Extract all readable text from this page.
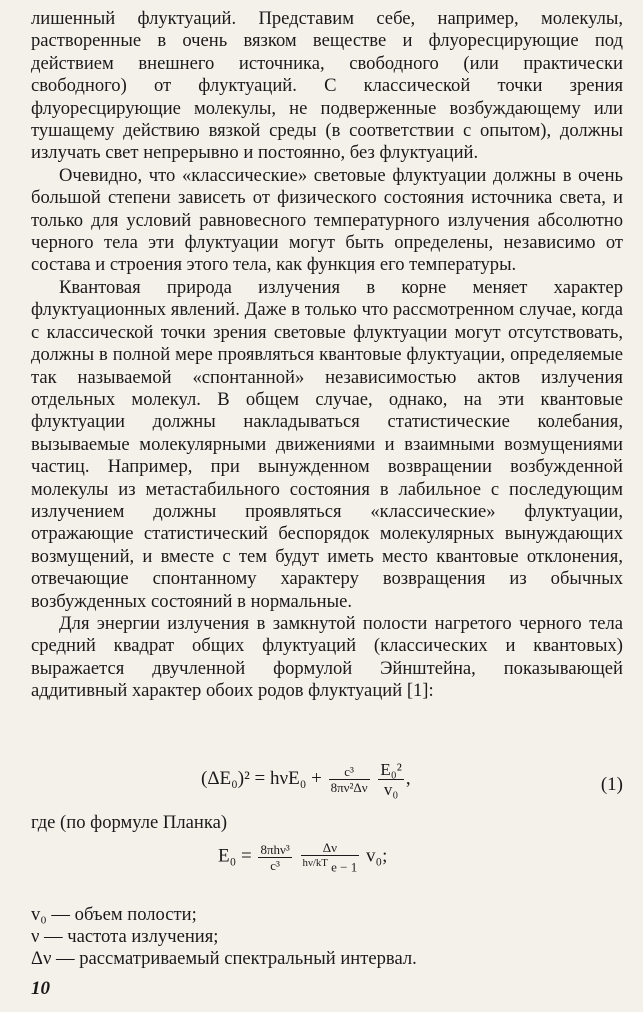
лишенный флуктуаций. Представим себе, например, молекулы, растворенные в очень вязком веществе и флуоресцирующие под действием внешнего источника, свободного (или практически свободного) от флуктуаций. С классической точки зрения флуоресцирующие молекулы, не подверженные возбуждающему или тушащему действию вязкой среды (в соответствии с опытом), должны излучать свет непрерывно и постоянно, без флуктуаций.

Очевидно, что «классические» световые флуктуации должны в очень большой степени зависеть от физического состояния источника света, и только для условий равновесного температурного излучения абсолютно черного тела эти флуктуации могут быть определены, независимо от состава и строения этого тела, как функция его температуры.

Квантовая природа излучения в корне меняет характер флуктуационных явлений. Даже в только что рассмотренном случае, когда с классической точки зрения световые флуктуации могут отсутствовать, должны в полной мере проявляться квантовые флуктуации, определяемые так называемой «спонтанной» независимостью актов излучения отдельных молекул. В общем случае, однако, на эти квантовые флуктуации должны накладываться статистические колебания, вызываемые молекулярными движениями и взаимными возмущениями частиц. Например, при вынужденном возвращении возбужденной молекулы из метастабильного состояния в лабильное с последующим излучением должны проявляться «классические» флуктуации, отражающие статистический беспорядок молекулярных вынуждающих возмущений, и вместе с тем будут иметь место квантовые отклонения, отвечающие спонтанному характеру возвращения из обычных возбужденных состояний в нормальные.

Для энергии излучения в замкнутой полости нагретого черного тела средний квадрат общих флуктуаций (классических и квантовых) выражается двучленной формулой Эйнштейна, показывающей аддитивный характер обоих родов флуктуаций [1]:

$(\Delta E_0)^2 = h\nu E_0 + \frac{\text{c³}}{\text{8πν²Δν}}$
$\frac{\text{E₀²}}{\text{v₀}}$ ,	(1)
где (по формуле Планка)
$E_0 = \frac{\text{8πhν³}}{\text{c³}}$
$\frac{\Delta\nu}{^{h\nu/kT} e - 1} v_0$;
v₀ — объем полости;
ν — частота излучения;
Δν — рассматриваемый спектральный интервал.
10
